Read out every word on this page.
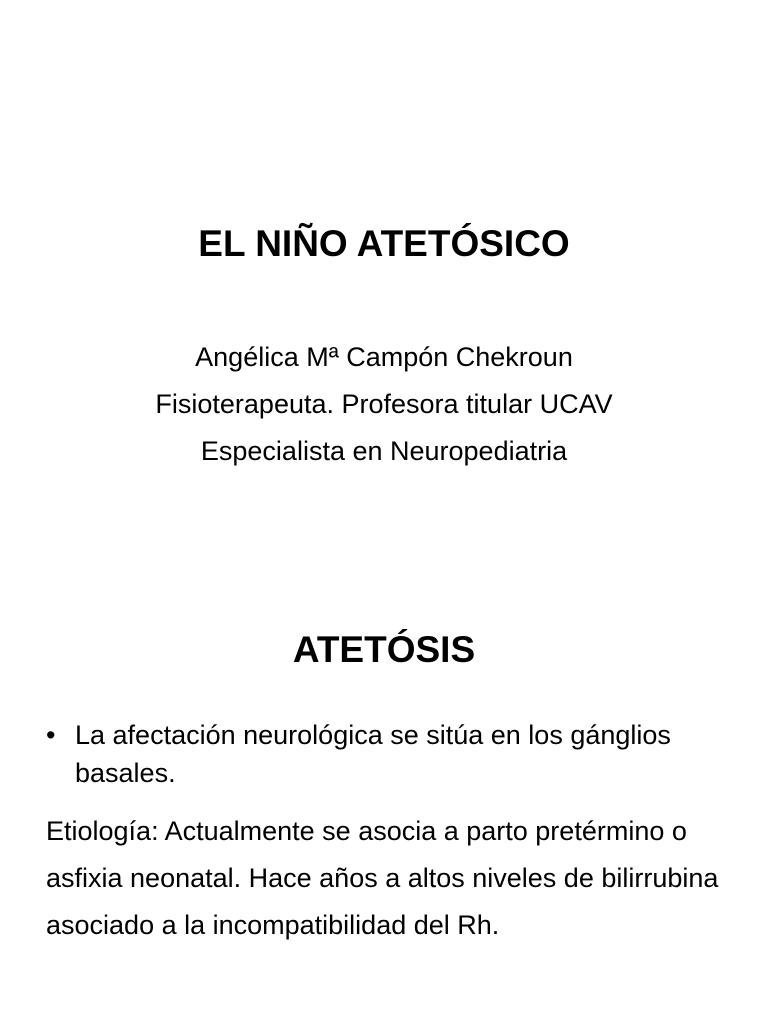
EL NIÑO ATETÓSICO
Angélica Mª Campón Chekroun
Fisioterapeuta. Profesora titular UCAV
Especialista en Neuropediatria
ATETÓSIS
• La afectación neurológica se sitúa en los gánglios basales.

Etiología: Actualmente se asocia a parto pretérmino o asfixia neonatal. Hace años a altos niveles de bilirrubina asociado a la incompatibilidad del Rh.
